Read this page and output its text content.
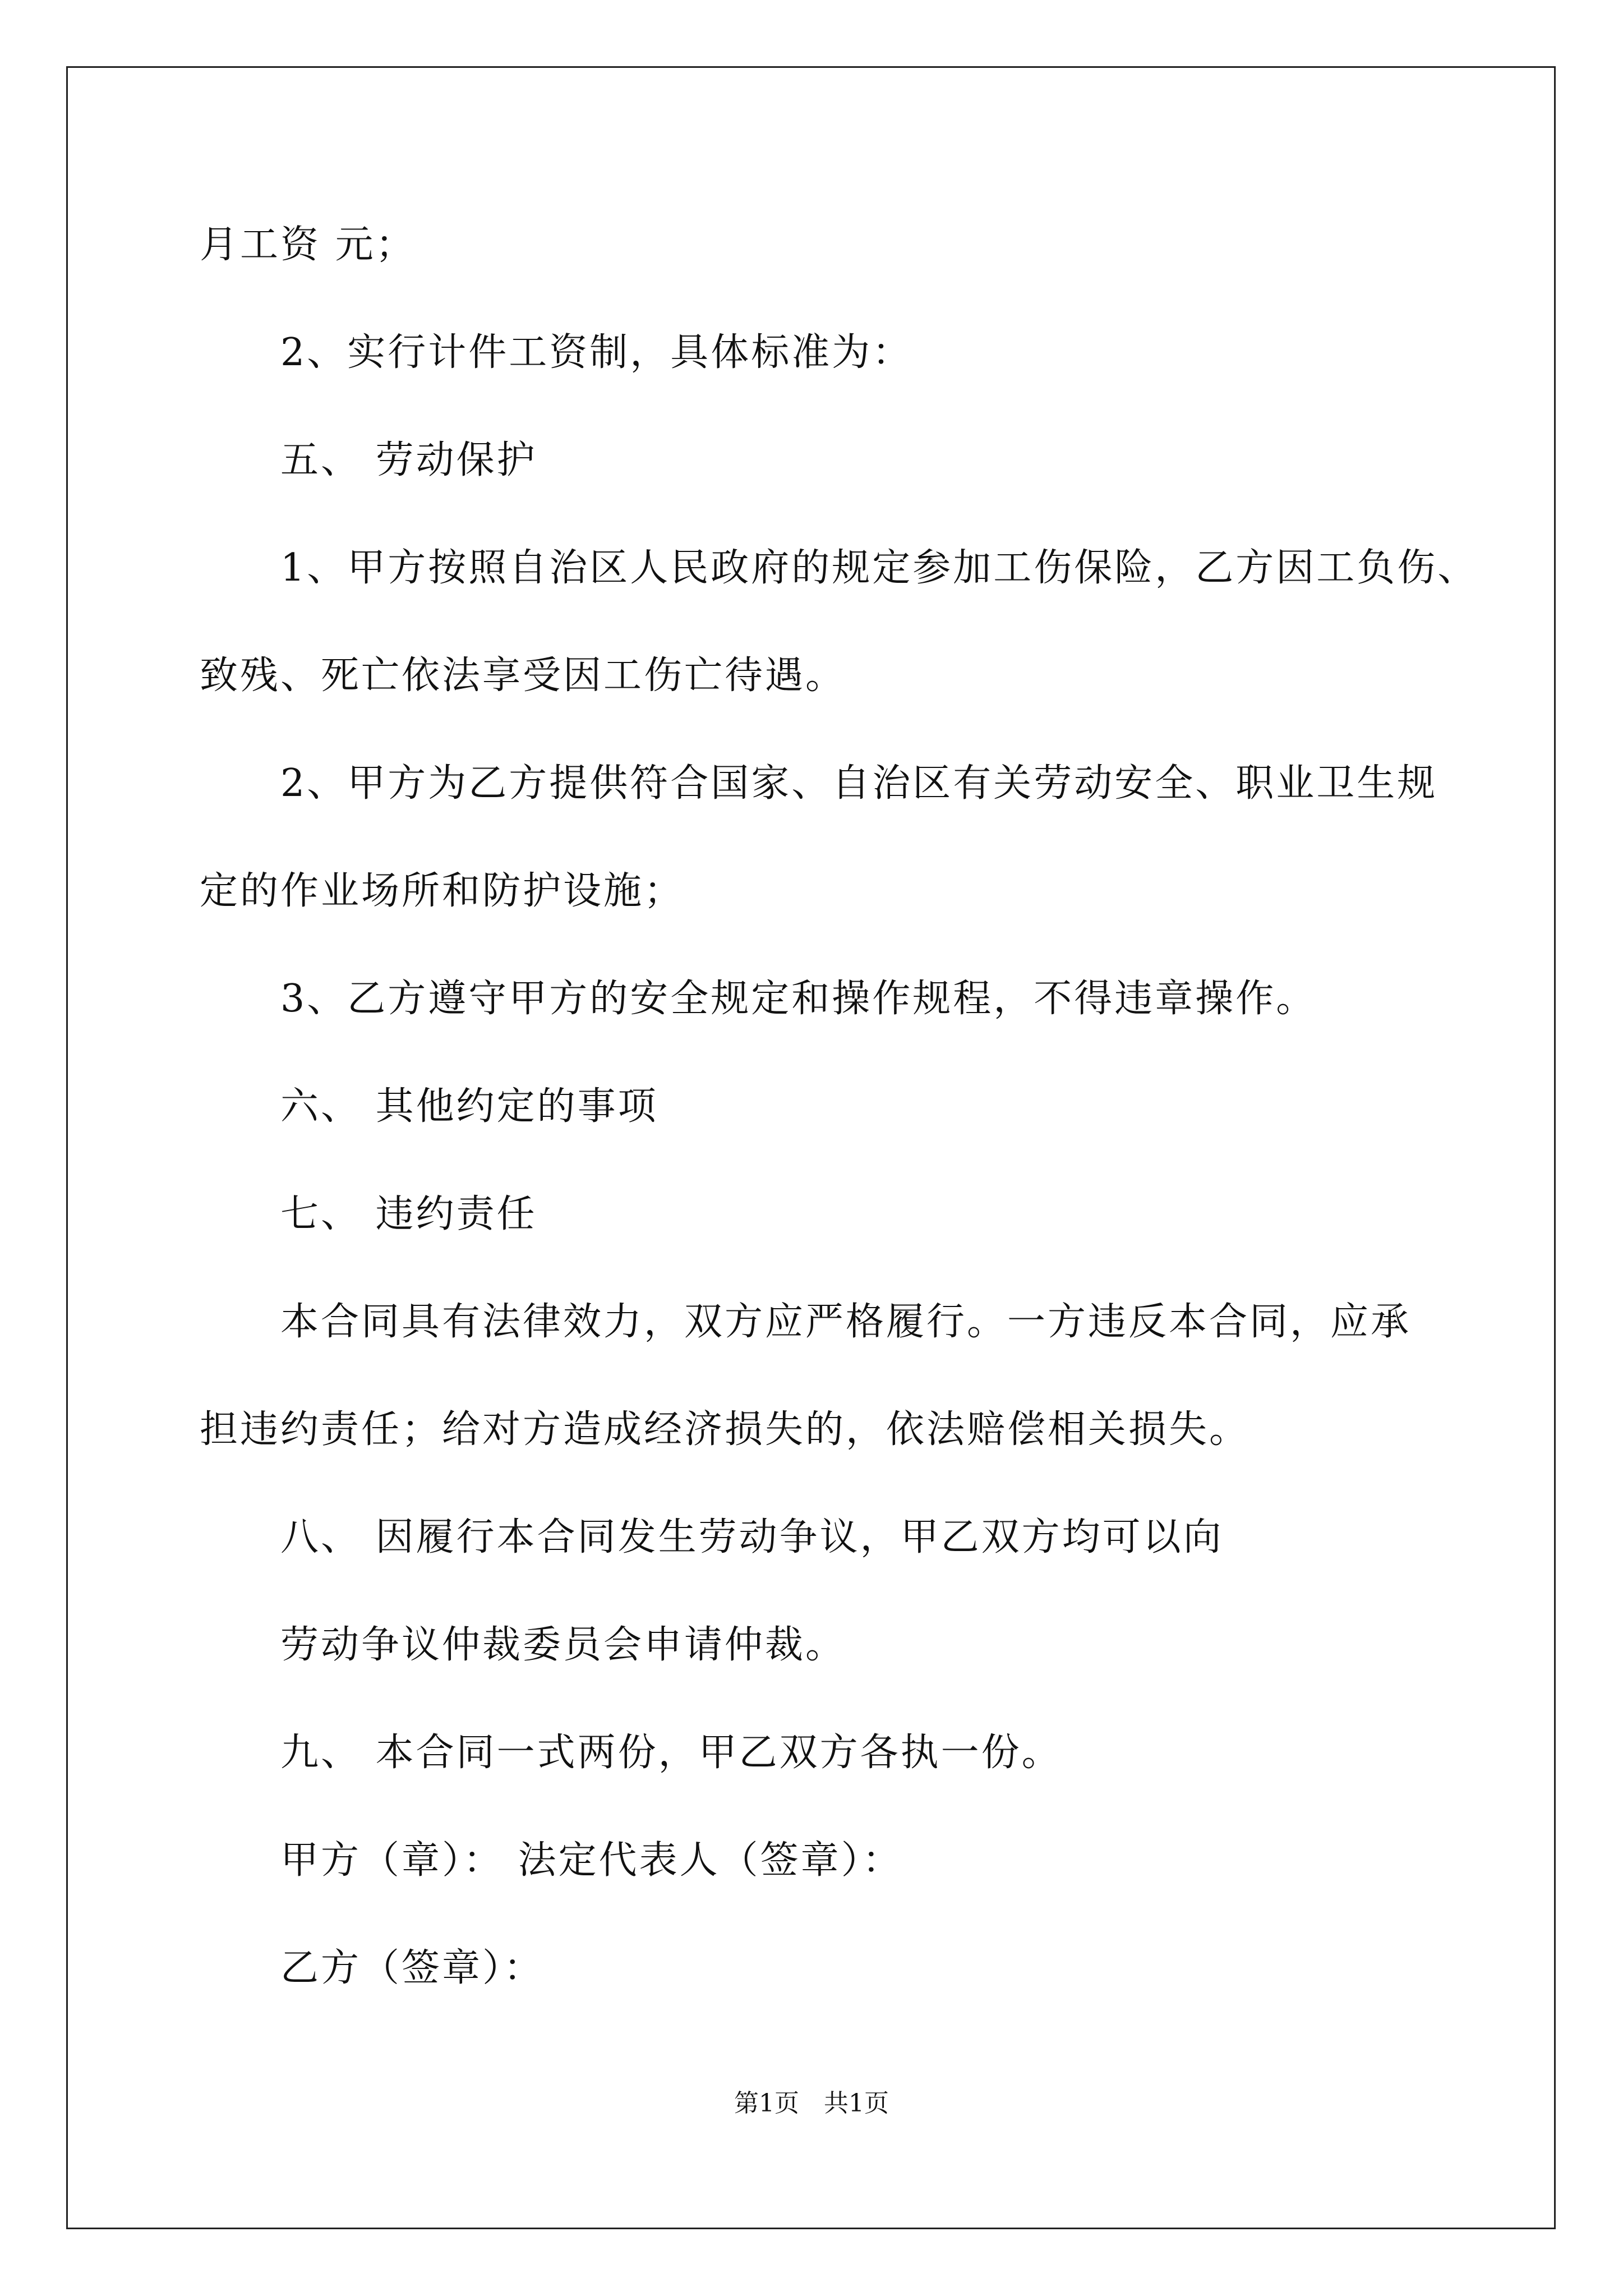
月工资 元；
2、实行计件工资制，具体标准为：
五、 劳动保护
1、甲方按照自治区人民政府的规定参加工伤保险，乙方因工负伤、
致残、死亡依法享受因工伤亡待遇。
2、甲方为乙方提供符合国家、自治区有关劳动安全、职业卫生规
定的作业场所和防护设施；
3、乙方遵守甲方的安全规定和操作规程，不得违章操作。
六、 其他约定的事项
七、 违约责任
本合同具有法律效力，双方应严格履行。一方违反本合同，应承
担违约责任；给对方造成经济损失的，依法赔偿相关损失。
八、 因履行本合同发生劳动争议，甲乙双方均可以向
劳动争议仲裁委员会申请仲裁。
九、 本合同一式两份，甲乙双方各执一份。
甲方（章）： 法定代表人（签章）：
乙方（签章）：
第1页 共1页
